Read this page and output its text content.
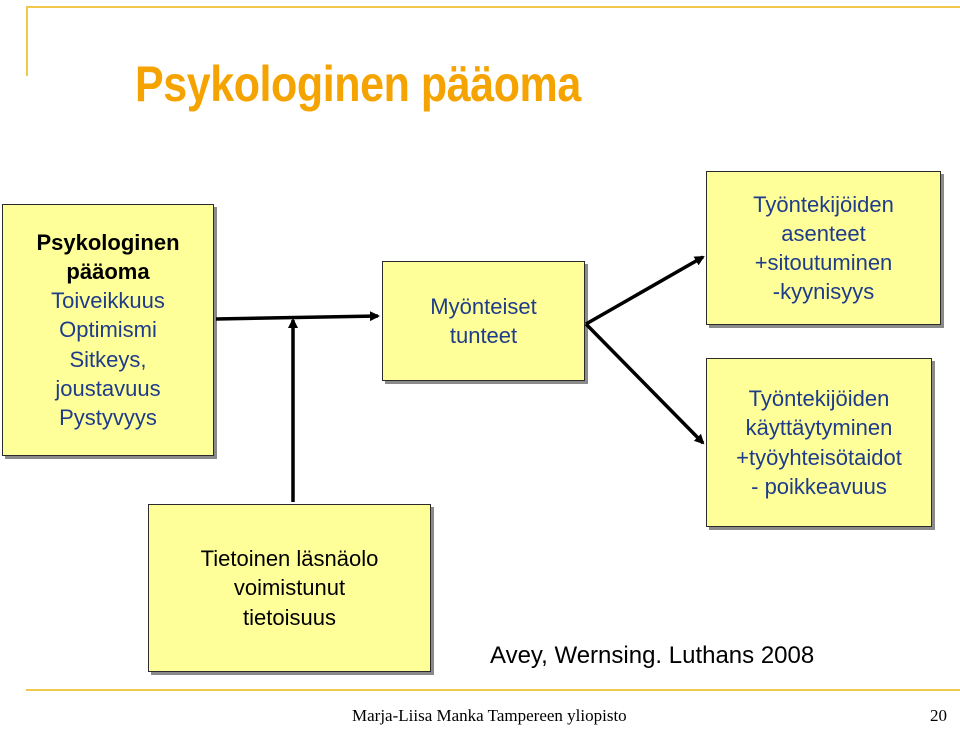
Psykologinen pääoma
Psykologinen
pääoma
Toiveikkuus
Optimismi
Sitkeys,
joustavuus
Pystyvyys
Myönteiset
tunteet
Työntekijöiden
asenteet
+sitoutuminen
-kyynisyys
Työntekijöiden
käyttäytyminen
+työyhteisötaidot
- poikkeavuus
Tietoinen läsnäolo
voimistunut
tietoisuus
Avey, Wernsing. Luthans 2008
Marja-Liisa Manka Tampereen yliopisto	20
